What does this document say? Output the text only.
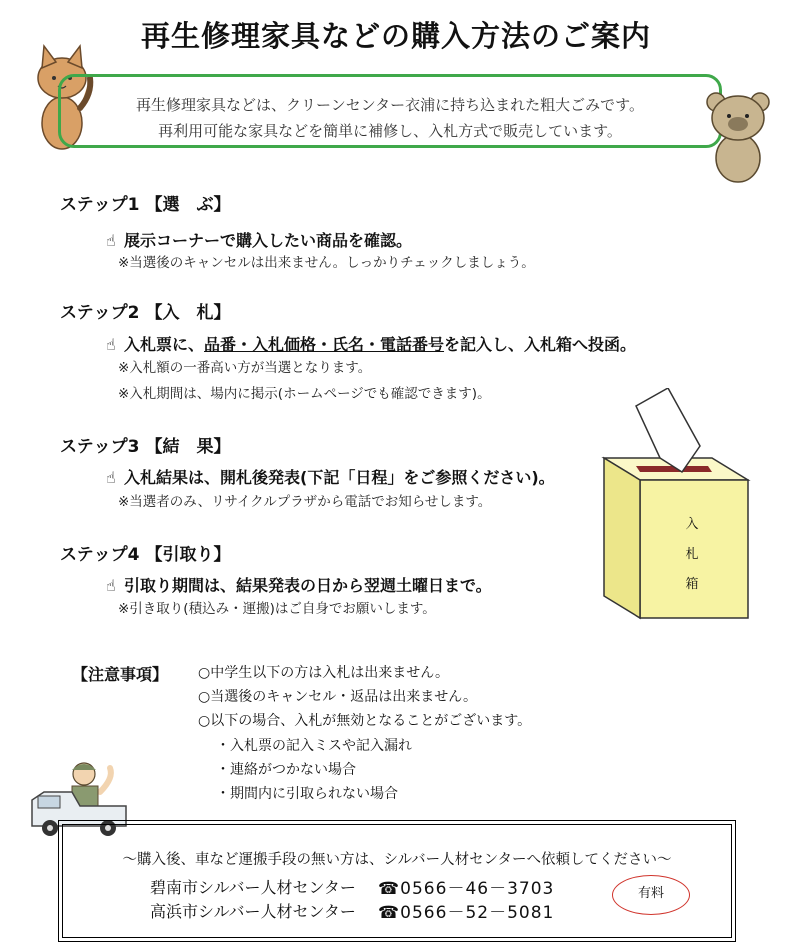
再生修理家具などの購入方法のご案内
再生修理家具などは、クリーンセンター衣浦に持ち込まれた粗大ごみです。
再利用可能な家具などを簡単に補修し、入札方式で販売しています。
ステップ1 【選　ぶ】
☝ 展示コーナーで購入したい商品を確認。
※当選後のキャンセルは出来ません。しっかりチェックしましょう。
ステップ2 【入　札】
☝ 入札票に、品番・入札価格・氏名・電話番号を記入し、入札箱へ投函。
※入札額の一番高い方が当選となります。
※入札期間は、場内に掲示(ホームページでも確認できます)。
ステップ3 【結　果】
☝ 入札結果は、開札後発表(下記「日程」をご参照ください)。
※当選者のみ、リサイクルプラザから電話でお知らせします。
ステップ4 【引取り】
☝ 引取り期間は、結果発表の日から翌週土曜日まで。
※引き取り(積込み・運搬)はご自身でお願いします。
入札箱
【注意事項】 ○中学生以下の方は入札は出来ません。
○当選後のキャンセル・返品は出来ません。
○以下の場合、入札が無効となることがございます。
・入札票の記入ミスや記入漏れ
・連絡がつかない場合
・期間内に引取られない場合
～購入後、車など運搬手段の無い方は、シルバー人材センターへ依頼してください～
碧南市シルバー人材センター ☎0566－46－3703
高浜市シルバー人材センター ☎0566－52－5081
有料
